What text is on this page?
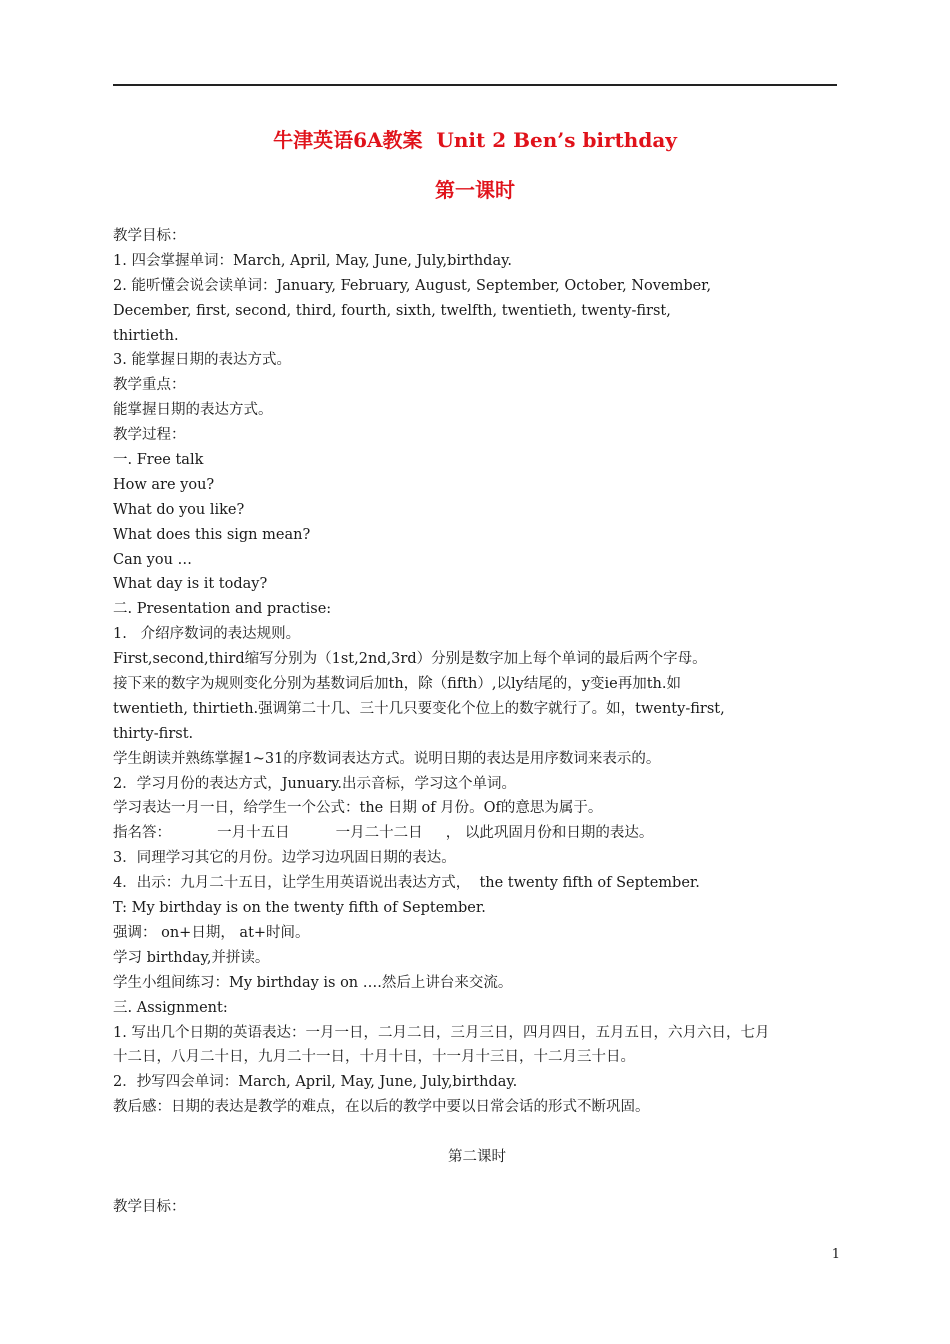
牛津英语6A教案  Unit 2 Ben’s birthday
第一课时
教学目标：
1. 四会掌握单词：March, April, May, June, July,birthday.
2. 能听懂会说会读单词：January, February, August, September, October, November,
December, first, second, third, fourth, sixth, twelfth, twentieth, twenty-first,
thirtieth.
3. 能掌握日期的表达方式。
教学重点：
能掌握日期的表达方式。
教学过程：
一. Free talk
How are you?
What do you like?
What does this sign mean?
Can you …
What day is it today?
二. Presentation and practise:
1.   介绍序数词的表达规则。
First,second,third缩写分别为（1st,2nd,3rd）分别是数字加上每个单词的最后两个字母。
接下来的数字为规则变化分别为基数词后加th，除（fifth）,以ly结尾的，y变ie再加th.如
twentieth, thirtieth.强调第二十几、三十几只要变化个位上的数字就行了。如，twenty-first,
thirty-first.
学生朗读并熟练掌握1~31的序数词表达方式。说明日期的表达是用序数词来表示的。
2．学习月份的表达方式，Junuary.出示音标，学习这个单词。
学习表达一月一日，给学生一个公式：the 日期 of 月份。Of的意思为属于。
指名答：          一月十五日          一月二十二日     ， 以此巩固月份和日期的表达。
3．同理学习其它的月份。边学习边巩固日期的表达。
4．出示：九月二十五日，让学生用英语说出表达方式，  the twenty fifth of September.
T: My birthday is on the twenty fifth of September.
强调： on+日期， at+时间。
学习 birthday,并拼读。
学生小组间练习：My birthday is on ….然后上讲台来交流。
三. Assignment:
1. 写出几个日期的英语表达：一月一日，二月二日，三月三日，四月四日，五月五日，六月六日，七月
十二日，八月二十日，九月二十一日，十月十日，十一月十三日，十二月三十日。
2．抄写四会单词：March, April, May, June, July,birthday.
教后感：日期的表达是教学的难点，在以后的教学中要以日常会话的形式不断巩固。
第二课时
教学目标：
1
